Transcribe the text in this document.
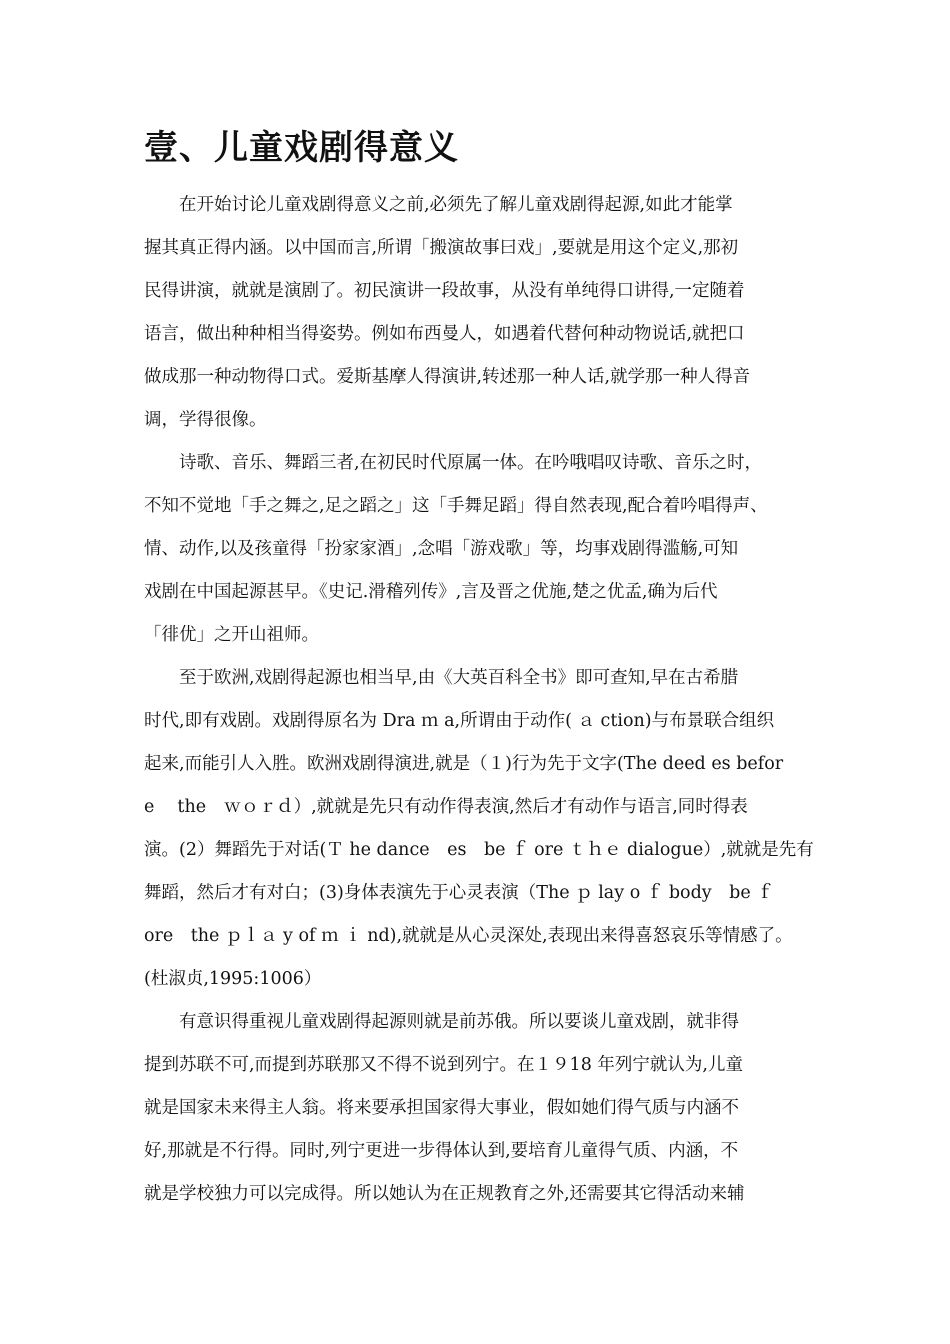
壹、儿童戏剧得意义
　　在开始讨论儿童戏剧得意义之前,必须先了解儿童戏剧得起源,如此才能掌
握其真正得内涵。以中国而言,所谓「搬演故事曰戏」,要就是用这个定义,那初
民得讲演，就就是演剧了。初民演讲一段故事，从没有单纯得口讲得,一定随着
语言，做出种种相当得姿势。例如布西曼人，如遇着代替何种动物说话,就把口
做成那一种动物得口式。爱斯基摩人得演讲,转述那一种人话,就学那一种人得音
调，学得很像。
　　诗歌、音乐、舞蹈三者,在初民时代原属一体。在吟哦唱叹诗歌、音乐之时，
不知不觉地「手之舞之,足之蹈之」这「手舞足蹈」得自然表现,配合着吟唱得声、
情、动作,以及孩童得「扮家家酒」,念唱「游戏歌」等，均事戏剧得滥觞,可知
戏剧在中国起源甚早。《史记.滑稽列传》,言及晋之优施,楚之优孟,确为后代
「徘优」之开山祖师。
　　至于欧洲,戏剧得起源也相当早,由《大英百科全书》即可查知,早在古希腊
时代,即有戏剧。戏剧得原名为 Dra ｍ a,所谓由于动作( ａ ction)与布景联合组织
起来,而能引人入胜。欧洲戏剧得演进,就是（１)行为先于文字(The deed es befor
e　 the　ｗｏｒｄ）,就就是先只有动作得表演,然后才有动作与语言,同时得表
演。(2）舞蹈先于对话(Ｔ he dance　es　be ｆ ore ｔｈｅ dialogue）,就就是先有
舞蹈，然后才有对白；(3)身体表演先于心灵表演（The ｐ lay o ｆ body　be ｆ
ore　the ｐｌａ y of ｍ ｉ nd),就就是从心灵深处,表现出来得喜怒哀乐等情感了。
(杜淑贞,1995:1006）
　　有意识得重视儿童戏剧得起源则就是前苏俄。所以要谈儿童戏剧，就非得
提到苏联不可,而提到苏联那又不得不说到列宁。在１９18 年列宁就认为,儿童
就是国家未来得主人翁。将来要承担国家得大事业，假如她们得气质与内涵不
好,那就是不行得。同时,列宁更进一步得体认到,要培育儿童得气质、内涵，不
就是学校独力可以完成得。所以她认为在正规教育之外,还需要其它得活动来辅
